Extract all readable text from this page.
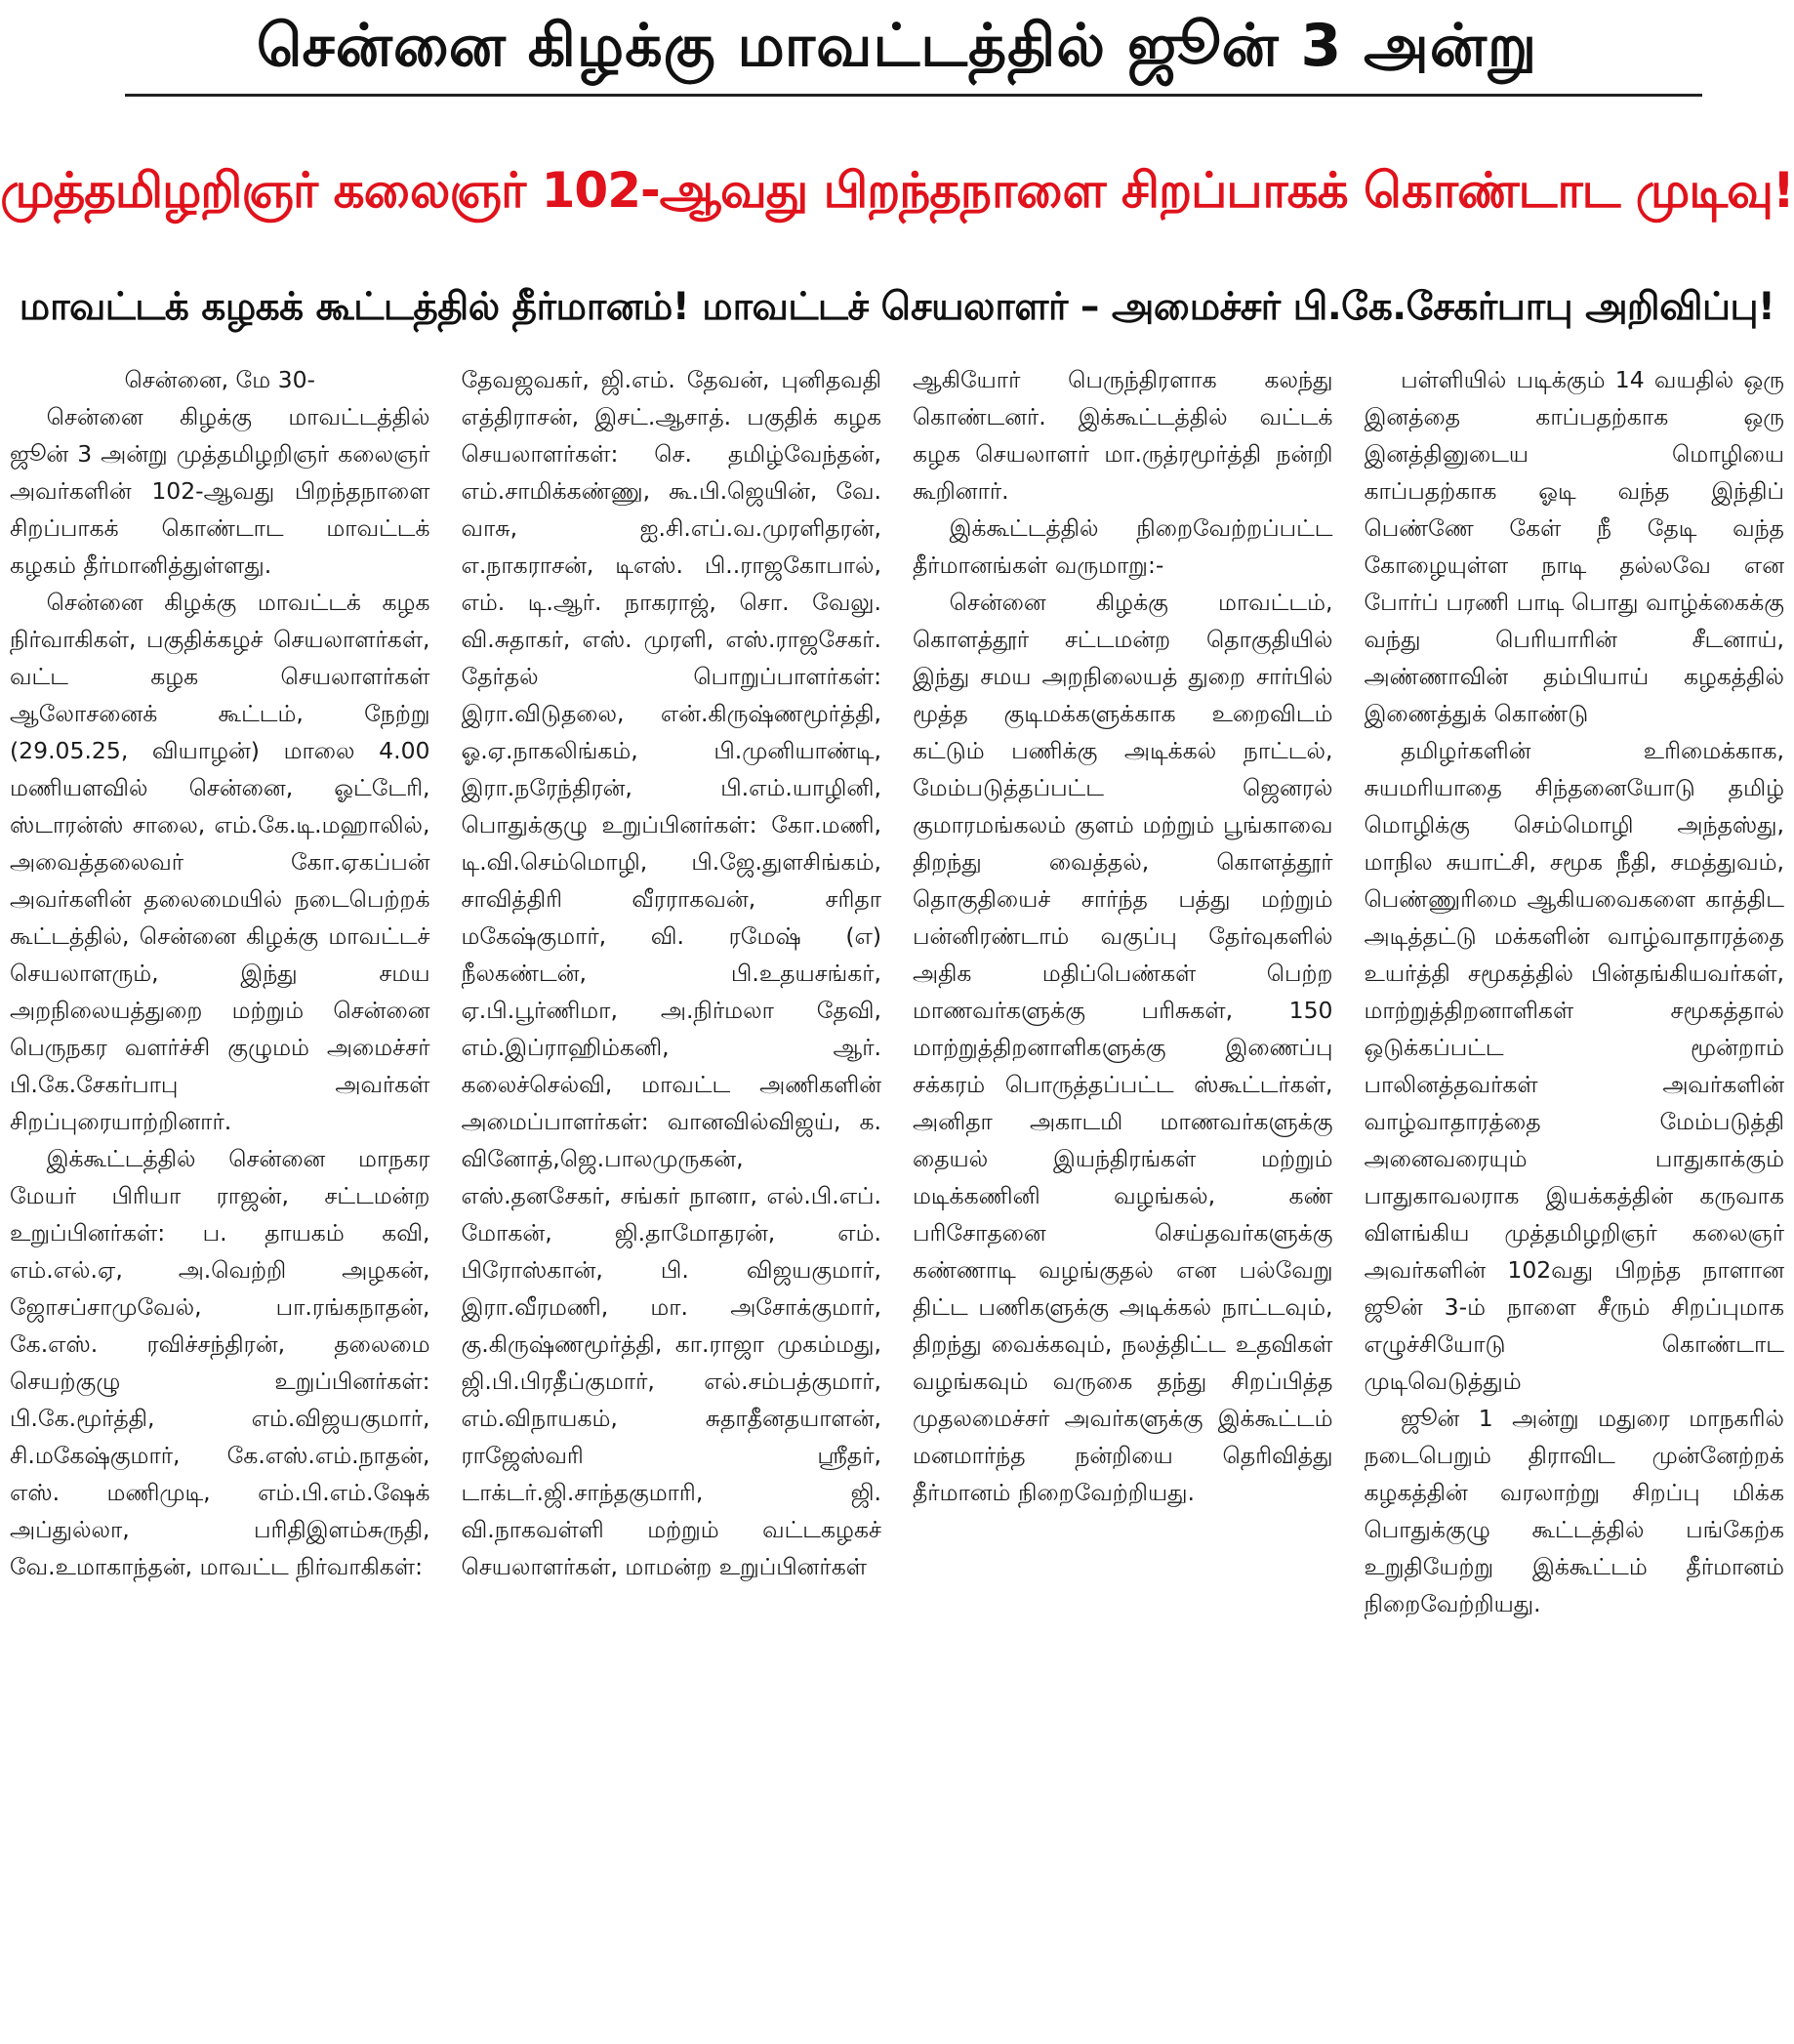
சென்னை கிழக்கு மாவட்டத்தில் ஜூன் 3 அன்று
முத்தமிழறிஞர் கலைஞர் 102-ஆவது பிறந்தநாளை சிறப்பாகக் கொண்டாட முடிவு!
மாவட்டக் கழகக் கூட்டத்தில் தீர்மானம்! மாவட்டச் செயலாளர் – அமைச்சர் பி.கே.சேகர்பாபு அறிவிப்பு!

சென்னை, மே 30-

சென்னை கிழக்கு மாவட்டத்தில் ஜூன் 3 அன்று முத்தமிழறிஞர் கலைஞர் அவர்களின் 102-ஆவது பிறந்தநாளை சிறப்பாகக் கொண்டாட மாவட்டக் கழகம் தீர்மானித்துள்ளது.

சென்னை கிழக்கு மாவட்டக் கழக நிர்வாகிகள், பகுதிக்கழச் செயலாளர்கள், வட்ட கழக செயலாளர்கள் ஆலோசனைக் கூட்டம், நேற்று (29.05.25, வியாழன்) மாலை 4.00 மணியளவில் சென்னை, ஓட்டேரி, ஸ்டாரன்ஸ் சாலை, எம்.கே.டி.மஹாலில், அவைத்தலைவர் கோ.ஏகப்பன் அவர்களின் தலைமையில் நடைபெற்றக் கூட்டத்தில், சென்னை கிழக்கு மாவட்டச் செயலாளரும், இந்து சமய அறநிலையத்துறை மற்றும் சென்னை பெருநகர வளர்ச்சி குழுமம் அமைச்சர் பி.கே.சேகர்பாபு அவர்கள் சிறப்புரையாற்றினார்.

இக்கூட்டத்தில் சென்னை மாநகர மேயர் பிரியா ராஜன், சட்டமன்ற உறுப்பினர்கள்: ப. தாயகம் கவி, எம்.எல்.ஏ, அ.வெற்றி அழகன், ஜோசப்சாமுவேல், பா.ரங்கநாதன், கே.எஸ். ரவிச்சந்திரன், தலைமை செயற்குழு உறுப்பினர்கள்: பி.கே.மூர்த்தி, எம்.விஜயகுமார், சி.மகேஷ்குமார், கே.எஸ்.எம்.நாதன், எஸ். மணிமுடி, எம்.பி.எம்.ஷேக் அப்துல்லா, பரிதிஇளம்சுருதி, வே.உமாகாந்தன், மாவட்ட நிர்வாகிகள்:

தேவஜவகர், ஜி.எம். தேவன், புனிதவதி எத்திராசன், இசட்.ஆசாத். பகுதிக் கழக செயலாளர்கள்: செ. தமிழ்வேந்தன், எம்.சாமிக்கண்ணு, கூ.பி.ஜெயின், வே. வாசு, ஐ.சி.எப்.வ.முரளிதரன், எ.நாகராசன், டிஎஸ். பி..ராஜகோபால், எம். டி.ஆர். நாகராஜ், சொ. வேலு. வி.சுதாகர், எஸ். முரளி, எஸ்.ராஜசேகர். தேர்தல் பொறுப்பாளர்கள்: இரா.விடுதலை, என்.கிருஷ்ணமூர்த்தி, ஓ.ஏ.நாகலிங்கம், பி.முனியாண்டி, இரா.நரேந்திரன், பி.எம்.யாழினி, பொதுக்குழு உறுப்பினர்கள்: கோ.மணி, டி.வி.செம்மொழி, பி.ஜே.துளசிங்கம், சாவித்திரி வீரராகவன், சரிதா மகேஷ்குமார், வி. ரமேஷ் (எ) நீலகண்டன், பி.உதயசங்கர், ஏ.பி.பூர்ணிமா, அ.நிர்மலா தேவி, எம்.இப்ராஹிம்கனி, ஆர். கலைச்செல்வி, மாவட்ட அணிகளின் அமைப்பாளர்கள்: வானவில்விஜய், க. வினோத்,ஜெ.பாலமுருகன், எஸ்.தனசேகர், சங்கர் நானா, எல்.பி.எப். மோகன், ஜி.தாமோதரன், எம். பிரோஸ்கான், பி. விஜயகுமார், இரா.வீரமணி, மா. அசோக்குமார், கு.கிருஷ்ணமூர்த்தி, கா.ராஜா முகம்மது, ஜி.பி.பிரதீப்குமார், எல்.சம்பத்குமார், எம்.விநாயகம், சுதாதீனதயாளன், ராஜேஸ்வரி ஸ்ரீதர், டாக்டர்.ஜி.சாந்தகுமாரி, ஜி. வி.நாகவள்ளி மற்றும் வட்டகழகச் செயலாளர்கள், மாமன்ற உறுப்பினர்கள்

ஆகியோர் பெருந்திரளாக கலந்து கொண்டனர். இக்கூட்டத்தில் வட்டக் கழக செயலாளர் மா.ருத்ரமூர்த்தி நன்றி கூறினார்.

இக்கூட்டத்தில் நிறைவேற்றப்பட்ட தீர்மானங்கள் வருமாறு:-

சென்னை கிழக்கு மாவட்டம், கொளத்தூர் சட்டமன்ற தொகுதியில் இந்து சமய அறநிலையத் துறை சார்பில் மூத்த குடிமக்களுக்காக உறைவிடம் கட்டும் பணிக்கு அடிக்கல் நாட்டல், மேம்படுத்தப்பட்ட ஜெனரல் குமாரமங்கலம் குளம் மற்றும் பூங்காவை திறந்து வைத்தல், கொளத்தூர் தொகுதியைச் சார்ந்த பத்து மற்றும் பன்னிரண்டாம் வகுப்பு தேர்வுகளில் அதிக மதிப்பெண்கள் பெற்ற மாணவர்களுக்கு பரிசுகள், 150 மாற்றுத்திறனாளிகளுக்கு இணைப்பு சக்கரம் பொருத்தப்பட்ட ஸ்கூட்டர்கள், அனிதா அகாடமி மாணவர்களுக்கு தையல் இயந்திரங்கள் மற்றும் மடிக்கணினி வழங்கல், கண் பரிசோதனை செய்தவர்களுக்கு கண்ணாடி வழங்குதல் என பல்வேறு திட்ட பணிகளுக்கு அடிக்கல் நாட்டவும், திறந்து வைக்கவும், நலத்திட்ட உதவிகள் வழங்கவும் வருகை தந்து சிறப்பித்த முதலமைச்சர் அவர்களுக்கு இக்கூட்டம் மனமார்ந்த நன்றியை தெரிவித்து தீர்மானம் நிறைவேற்றியது.

பள்ளியில் படிக்கும் 14 வயதில் ஒரு இனத்தை காப்பதற்காக ஒரு இனத்தினுடைய மொழியை காப்பதற்காக ஓடி வந்த இந்திப் பெண்ணே கேள் நீ தேடி வந்த கோழையுள்ள நாடி தல்லவே என போர்ப் பரணி பாடி பொது வாழ்க்கைக்கு வந்து பெரியாரின் சீடனாய், அண்ணாவின் தம்பியாய் கழகத்தில் இணைத்துக் கொண்டு

தமிழர்களின் உரிமைக்காக, சுயமரியாதை சிந்தனையோடு தமிழ் மொழிக்கு செம்மொழி அந்தஸ்து, மாநில சுயாட்சி, சமூக நீதி, சமத்துவம், பெண்ணுரிமை ஆகியவைகளை காத்திட அடித்தட்டு மக்களின் வாழ்வாதாரத்தை உயர்த்தி சமூகத்தில் பின்தங்கியவர்கள், மாற்றுத்திறனாளிகள் சமூகத்தால் ஒடுக்கப்பட்ட மூன்றாம் பாலினத்தவர்கள் அவர்களின் வாழ்வாதாரத்தை மேம்படுத்தி அனைவரையும் பாதுகாக்கும் பாதுகாவலராக இயக்கத்தின் கருவாக விளங்கிய முத்தமிழறிஞர் கலைஞர் அவர்களின் 102வது பிறந்த நாளான ஜூன் 3-ம் நாளை சீரும் சிறப்புமாக எழுச்சியோடு கொண்டாட முடிவெடுத்தும்

ஜூன் 1 அன்று மதுரை மாநகரில் நடைபெறும் திராவிட முன்னேற்றக் கழகத்தின் வரலாற்று சிறப்பு மிக்க பொதுக்குழு கூட்டத்தில் பங்கேற்க உறுதியேற்று இக்கூட்டம் தீர்மானம் நிறைவேற்றியது.
